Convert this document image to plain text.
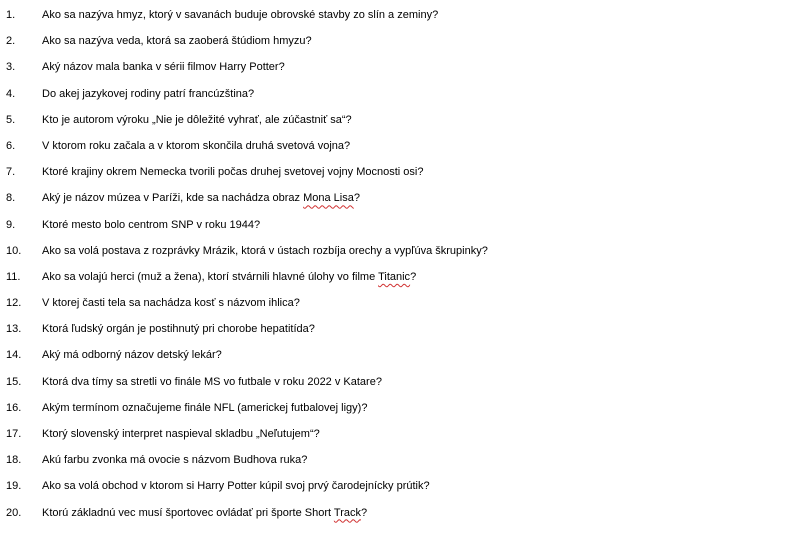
1.	Ako sa nazýva hmyz, ktorý v savanách buduje obrovské stavby zo slín a zeminy?
2.	Ako sa nazýva veda, ktorá sa zaoberá štúdiom hmyzu?
3.	Aký názov mala banka v sérii filmov Harry Potter?
4.	Do akej jazykovej rodiny patrí francúzština?
5.	Kto je autorom výroku „Nie je dôležité vyhrať, ale zúčastniť sa“?
6.	V ktorom roku začala a v ktorom skončila druhá svetová vojna?
7.	Ktoré krajiny okrem Nemecka tvorili počas druhej svetovej vojny Mocnosti osi?
8.	Aký je názov múzea v Paríži, kde sa nachádza obraz Mona Lisa?
9.	Ktoré mesto bolo centrom SNP v roku 1944?
10.	Ako sa volá postava z rozprávky Mrázik, ktorá v ústach rozbíja orechy a vypľúva škrupinky?
11.	Ako sa volajú herci (muž a žena), ktorí stvárnili hlavné úlohy vo filme Titanic?
12.	V ktorej časti tela sa nachádza kosť s názvom ihlica?
13.	Ktorá ľudský orgán je postihnutý pri chorobe hepatitída?
14.	Aký má odborný názov detský lekár?
15.	Ktorá dva tímy sa stretli vo finále MS vo futbale v roku 2022 v Katare?
16.	Akým termínom označujeme finále NFL (americkej futbalovej ligy)?
17.	Ktorý slovenský interpret naspieval skladbu „Neľutujem“?
18.	Akú farbu zvonka má ovocie s názvom Budhova ruka?
19.	Ako sa volá obchod v ktorom si Harry Potter kúpil svoj prvý čarodejnícky prútik?
20.	Ktorú základnú vec musí športovec ovládať pri športe Short Track?
